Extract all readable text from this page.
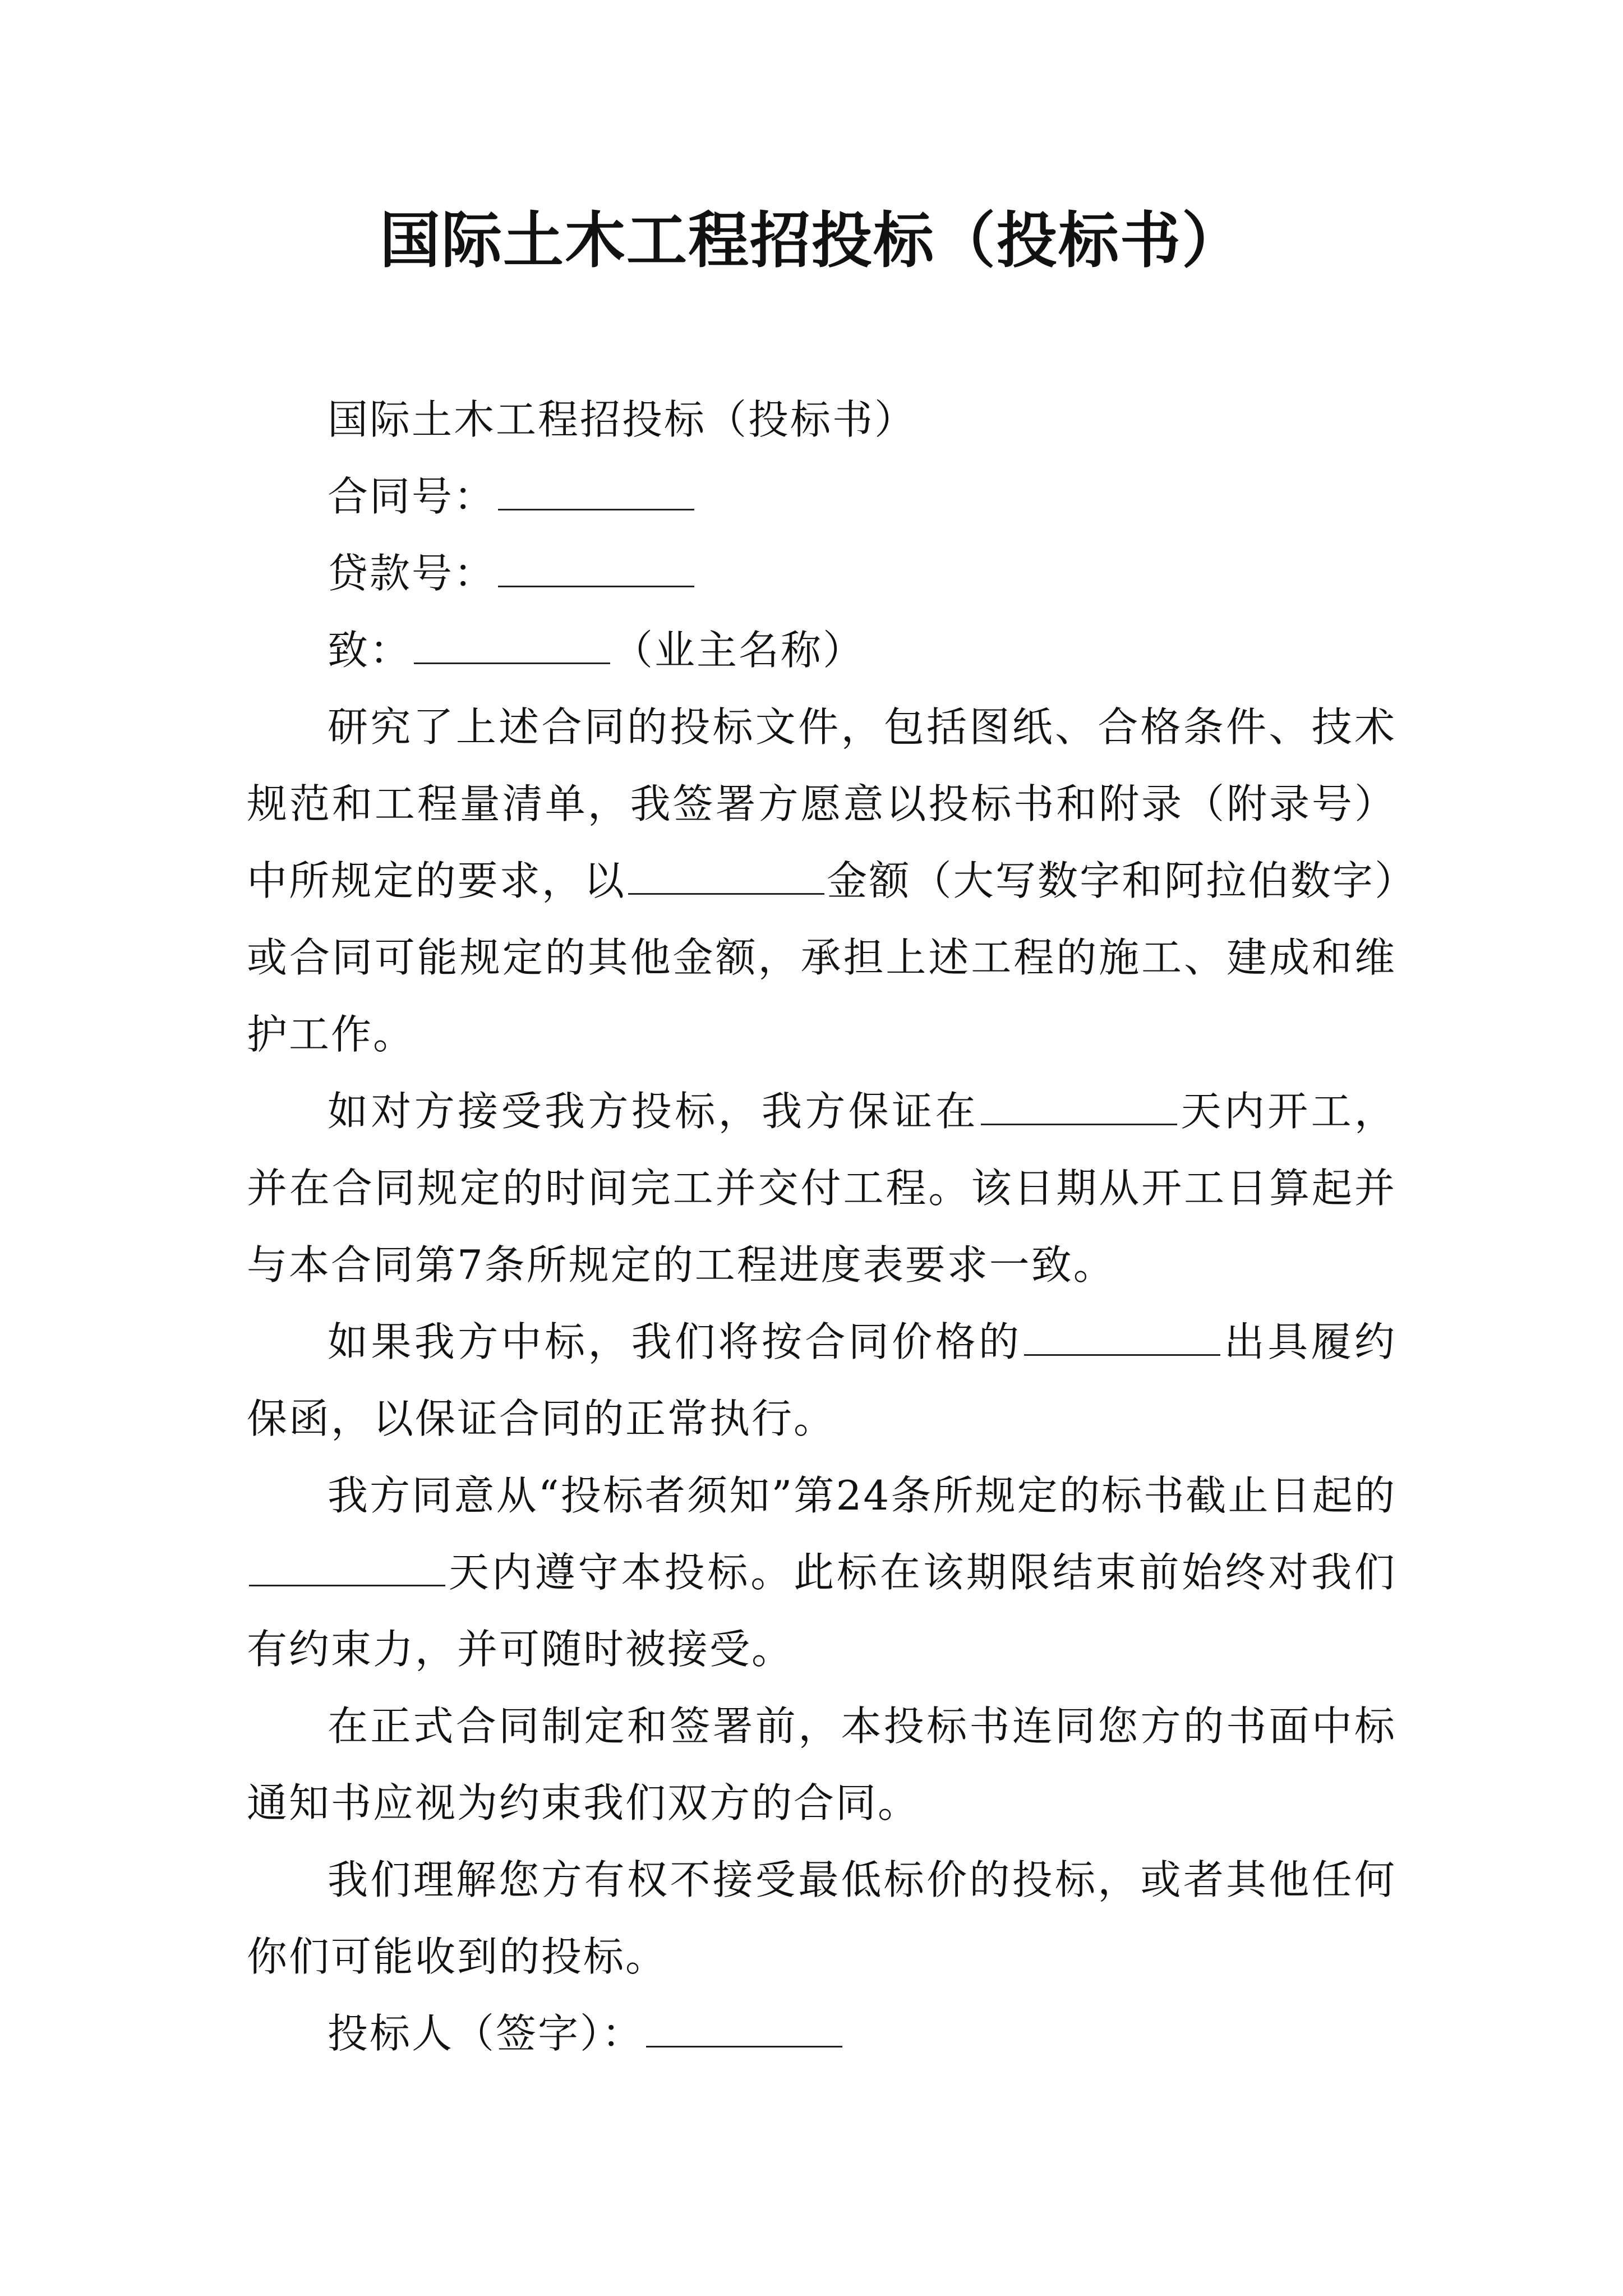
国际土木工程招投标（投标书）

国际土木工程招投标（投标书）

合同号：

贷款号：

致：	（业主名称）

研究了上述合同的投标文件，包括图纸、合格条件、技术规范和工程量清单，我签署方愿意以投标书和附录（附录号）中所规定的要求，以	金额（大写数字和阿拉伯数字）或合同可能规定的其他金额，承担上述工程的施工、建成和维护工作。

如对方接受我方投标，我方保证在	天内开工，并在合同规定的时间完工并交付工程。该日期从开工日算起并与本合同第7条所规定的工程进度表要求一致。

如果我方中标，我们将按合同价格的	出具履约保函，以保证合同的正常执行。

我方同意从“投标者须知”第24条所规定的标书截止日起的天内遵守本投标。此标在该期限结束前始终对我们有约束力，并可随时被接受。

在正式合同制定和签署前，本投标书连同您方的书面中标通知书应视为约束我们双方的合同。

我们理解您方有权不接受最低标价的投标，或者其他任何你们可能收到的投标。

投标人（签字）：
